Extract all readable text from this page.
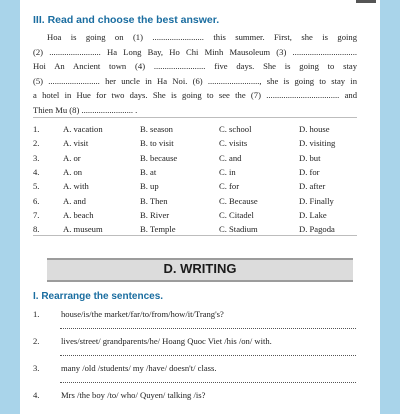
III. Read and choose the best answer.
Hoa is going on (1) ........................ this summer. First, she is going
(2) ........................ Ha Long Bay, Ho Chi Minh Mausoleum (3) ..............................
Hoi An Ancient town (4) ........................ five days. She is going to stay
(5) ........................ her uncle in Ha Noi. (6) ........................, she is going to stay in
a hotel in Hue for two days. She is going to see the (7) .................................. and
Thien Mu (8) ........................ .
1.	A. vacation	B. season	C. school	D. house
2.	A. visit	B. to visit	C. visits	D. visiting
3.	A. or	B. because	C. and	D. but
4.	A. on	B. at	C. in	D. for
5.	A. with	B. up	C. for	D. after
6.	A. and	B. Then	C. Because	D. Finally
7.	A. beach	B. River	C. Citadel	D. Lake
8.	A. museum	B. Temple	C. Stadium	D. Pagoda
D. WRITING
I. Rearrange the sentences.
1.	house/is/the market/far/to/from/how/it/Trang's?
2.	lives/street/ grandparents/he/ Hoang Quoc Viet /his /on/ with.
3.	many /old /students/ my /have/ doesn't/ class.
4.	Mrs /the boy /to/ who/ Quyen/ talking /is?
